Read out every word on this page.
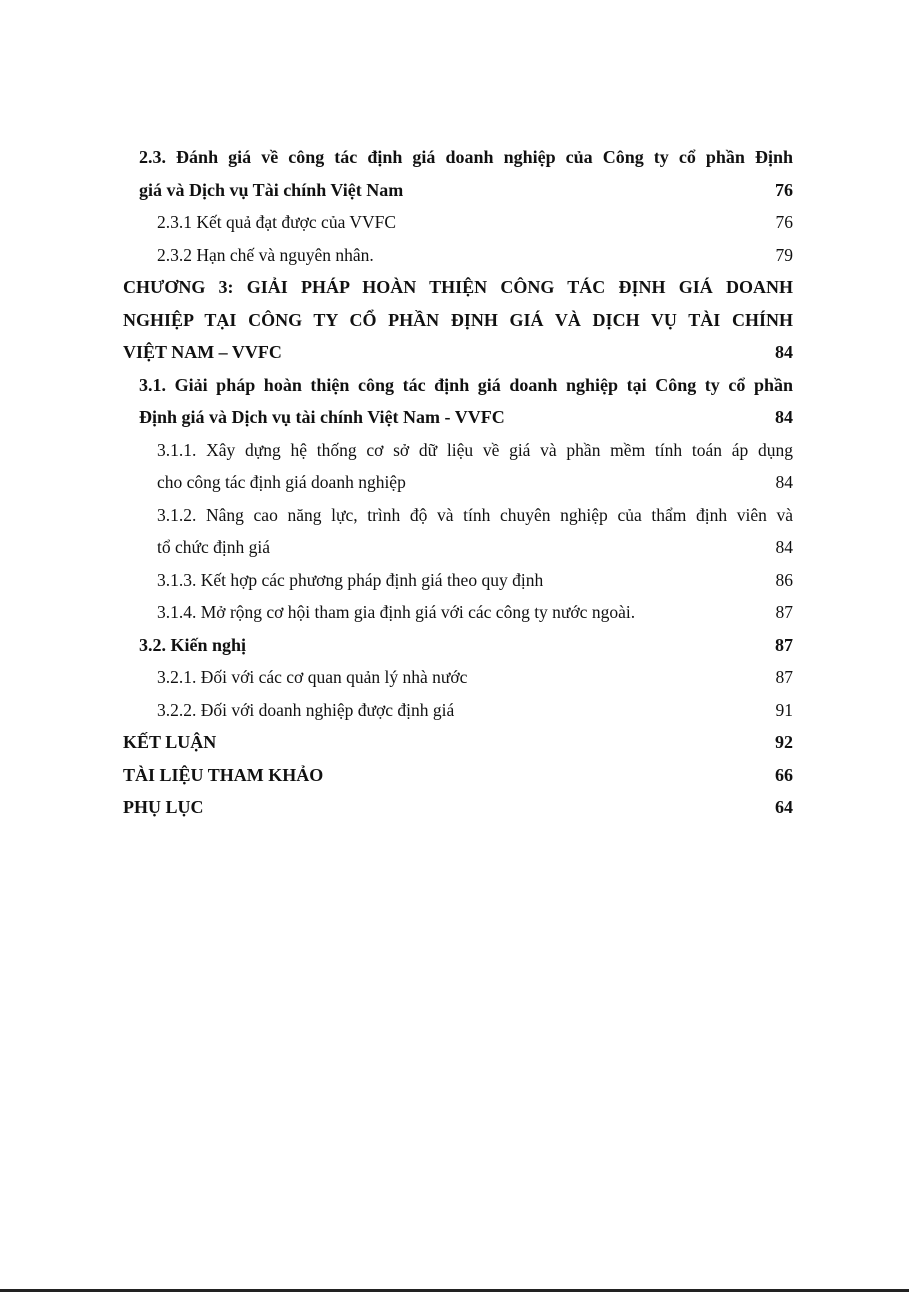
2.3. Đánh giá về công tác định giá doanh nghiệp của Công ty cổ phần Định
giá và Dịch vụ Tài chính Việt Nam .....	76
2.3.1 Kết quả đạt được của VVFC .....	76
2.3.2 Hạn chế và nguyên nhân. .....	79
CHƯƠNG 3: GIẢI PHÁP HOÀN THIỆN CÔNG TÁC ĐỊNH GIÁ DOANH
NGHIỆP TẠI CÔNG TY CỔ PHẦN ĐỊNH GIÁ VÀ DỊCH VỤ TÀI CHÍNH
VIỆT NAM – VVFC .....	84
3.1. Giải pháp hoàn thiện công tác định giá doanh nghiệp tại Công ty cổ phần
Định giá và Dịch vụ tài chính Việt Nam - VVFC .....	84
3.1.1. Xây dựng hệ thống cơ sở dữ liệu về giá và phần mềm tính toán áp dụng
cho công tác định giá doanh nghiệp .....	84
3.1.2. Nâng cao năng lực, trình độ và tính chuyên nghiệp của thẩm định viên và
tổ chức định giá .....	84
3.1.3. Kết hợp các phương pháp định giá theo quy định .....	86
3.1.4. Mở rộng cơ hội tham gia định giá với các công ty nước ngoài. .....	87
3.2. Kiến nghị .....	87
3.2.1. Đối với các cơ quan quản lý nhà nước .....	87
3.2.2. Đối với doanh nghiệp được định giá .....	91
KẾT LUẬN .....	92
TÀI LIỆU THAM KHẢO .....	66
PHỤ LỤC .....	64
